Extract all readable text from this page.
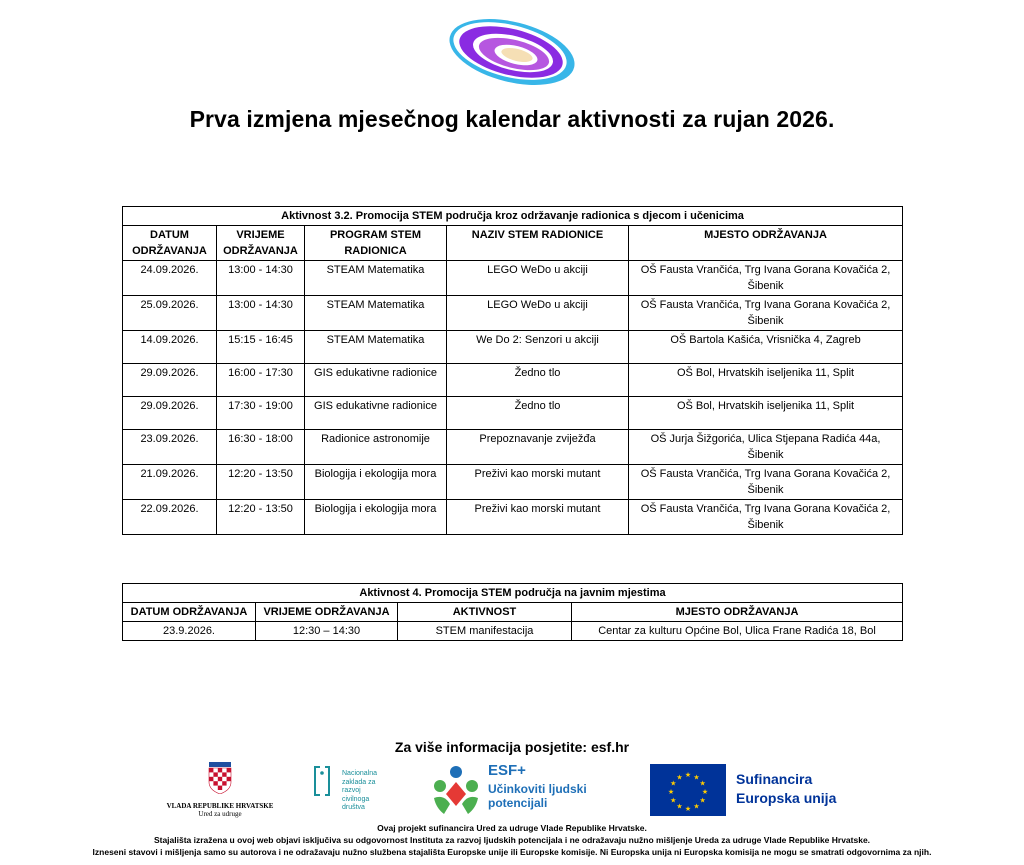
Prva izmjena mjesečnog kalendar aktivnosti za rujan 2026.
Aktivnost 3.2. Promocija STEM područja kroz održavanje radionica s djecom i učenicima				
DATUM ODRŽAVANJA	VRIJEME ODRŽAVANJA	PROGRAM STEM RADIONICA	NAZIV STEM RADIONICE	MJESTO ODRŽAVANJA
24.09.2026.	13:00 - 14:30	STEAM Matematika	LEGO WeDo u akciji	OŠ Fausta Vrančića, Trg Ivana Gorana Kovačića 2, Šibenik
25.09.2026.	13:00 - 14:30	STEAM Matematika	LEGO WeDo u akciji	OŠ Fausta Vrančića, Trg Ivana Gorana Kovačića 2, Šibenik
14.09.2026.	15:15 - 16:45	STEAM Matematika	We Do 2: Senzori u akciji	OŠ Bartola Kašića, Vrisnička 4, Zagreb
29.09.2026.	16:00 - 17:30	GIS edukativne radionice	Žedno tlo	OŠ Bol, Hrvatskih iseljenika 11, Split
29.09.2026.	17:30 - 19:00	GIS edukativne radionice	Žedno tlo	OŠ Bol, Hrvatskih iseljenika 11, Split
23.09.2026.	16:30 - 18:00	Radionice astronomije	Prepoznavanje zviježđa	OŠ Jurja Šižgorića, Ulica Stjepana Radića 44a, Šibenik
21.09.2026.	12:20 - 13:50	Biologija i ekologija mora	Preživi kao morski mutant	OŠ Fausta Vrančića, Trg Ivana Gorana Kovačića 2, Šibenik
22.09.2026.	12:20 - 13:50	Biologija i ekologija mora	Preživi kao morski mutant	OŠ Fausta Vrančića, Trg Ivana Gorana Kovačića 2, Šibenik
Aktivnost 4. Promocija STEM područja na javnim mjestima			
DATUM ODRŽAVANJA	VRIJEME ODRŽAVANJA	AKTIVNOST	MJESTO ODRŽAVANJA
23.9.2026.	12:30 – 14:30	STEM manifestacija	Centar za kulturu Općine Bol, Ulica Frane Radića 18, Bol
Za više informacija posjetite: esf.hr
VLADA REPUBLIKE HRVATSKE
Ured za udruge
Nacionalna
zaklada za
razvoj
civilnoga
društva
ESF+
Učinkoviti ljudski
potencijali
★ ★
★
★
★
★
★
★
★
★
★
★	Sufinancira
Europska unija
Ovaj projekt sufinancira Ured za udruge Vlade Republike Hrvatske.
Stajališta izražena u ovoj web objavi isključiva su odgovornost Instituta za razvoj ljudskih potencijala i ne odražavaju nužno mišljenje Ureda za udruge Vlade Republike Hrvatske.
Izneseni stavovi i mišljenja samo su autorova i ne odražavaju nužno službena stajališta Europske unije ili Europske komisije. Ni Europska unija ni Europska komisija ne mogu se smatrati odgovornima za njih.
